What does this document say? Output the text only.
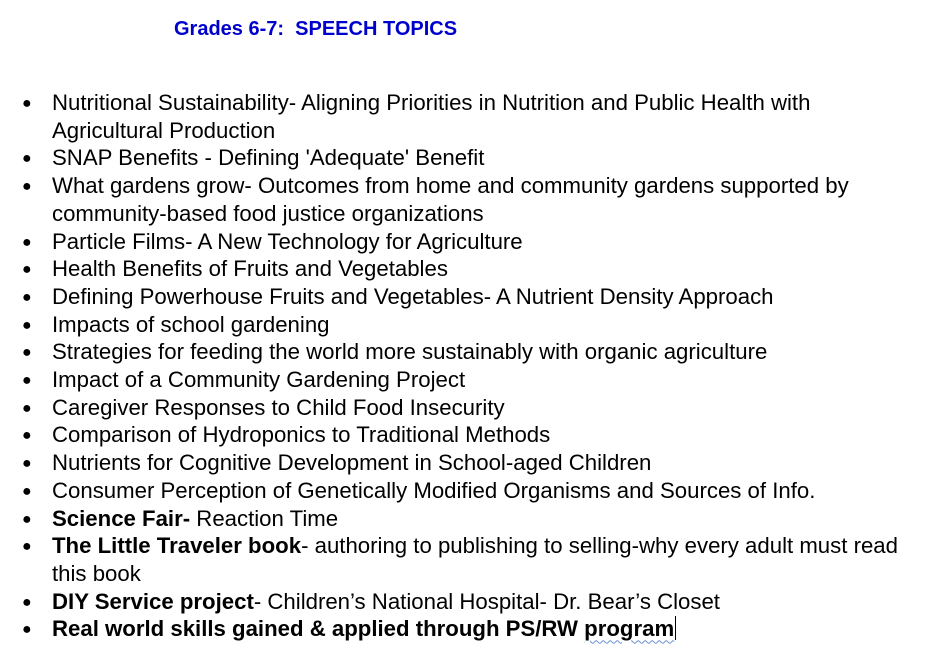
Grades 6-7:  SPEECH TOPICS
● Nutritional Sustainability- Aligning Priorities in Nutrition and Public Health with Agricultural Production
● SNAP Benefits - Defining 'Adequate' Benefit
● What gardens grow- Outcomes from home and community gardens supported by community-based food justice organizations
● Particle Films- A New Technology for Agriculture
● Health Benefits of Fruits and Vegetables
● Defining Powerhouse Fruits and Vegetables- A Nutrient Density Approach
● Impacts of school gardening
● Strategies for feeding the world more sustainably with organic agriculture
● Impact of a Community Gardening Project
● Caregiver Responses to Child Food Insecurity
● Comparison of Hydroponics to Traditional Methods
● Nutrients for Cognitive Development in School-aged Children
● Consumer Perception of Genetically Modified Organisms and Sources of Info.
● Science Fair- Reaction Time
● The Little Traveler book- authoring to publishing to selling-why every adult must read this book
● DIY Service project- Children’s National Hospital- Dr. Bear’s Closet
● Real world skills gained & applied through PS/RW program
